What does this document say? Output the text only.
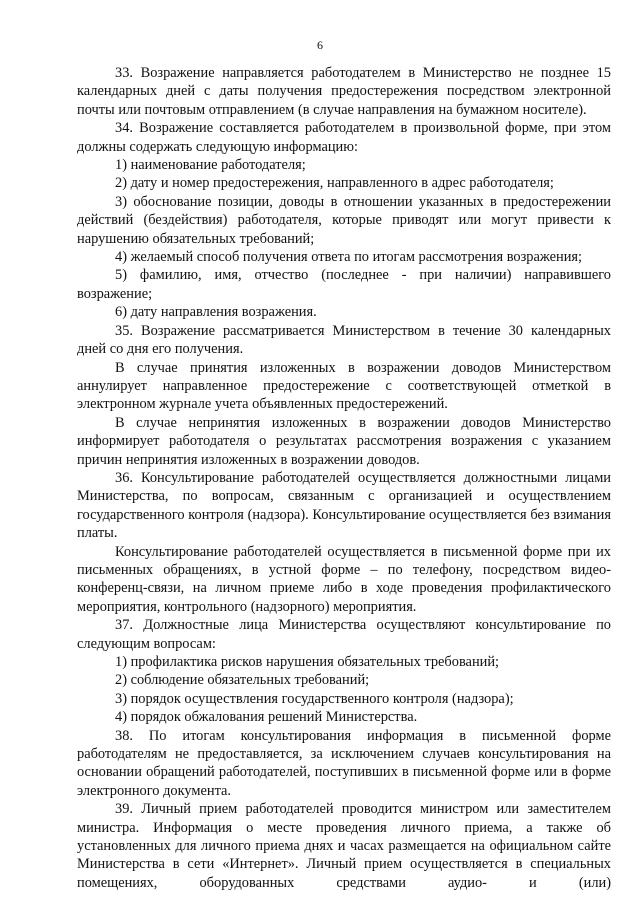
6

33. Возражение направляется работодателем в Министерство не позднее 15 календарных дней с даты получения предостережения посредством электронной почты или почтовым отправлением (в случае направления на бумажном носителе).

34. Возражение составляется работодателем в произвольной форме, при этом должны содержать следующую информацию:

1) наименование работодателя;

2) дату и номер предостережения, направленного в адрес работодателя;

3) обоснование позиции, доводы в отношении указанных в предостережении действий (бездействия) работодателя, которые приводят или могут привести к нарушению обязательных требований;

4) желаемый способ получения ответа по итогам рассмотрения возражения;

5) фамилию, имя, отчество (последнее - при наличии) направившего возражение;

6) дату направления возражения.

35. Возражение рассматривается Министерством в течение 30 календарных дней со дня его получения.

В случае принятия изложенных в возражении доводов Министерством аннулирует направленное предостережение с соответствующей отметкой в электронном журнале учета объявленных предостережений.

В случае непринятия изложенных в возражении доводов Министерство информирует работодателя о результатах рассмотрения возражения с указанием причин непринятия изложенных в возражении доводов.

36. Консультирование работодателей осуществляется должностными лицами Министерства, по вопросам, связанным с организацией и осуществлением государственного контроля (надзора). Консультирование осуществляется без взимания платы.

Консультирование работодателей осуществляется в письменной форме при их письменных обращениях, в устной форме – по телефону, посредством видео-конференц-связи, на личном приеме либо в ходе проведения профилактического мероприятия, контрольного (надзорного) мероприятия.

37. Должностные лица Министерства осуществляют консультирование по следующим вопросам:

1) профилактика рисков нарушения обязательных требований;

2) соблюдение обязательных требований;

3) порядок осуществления государственного контроля (надзора);

4) порядок обжалования решений Министерства.

38. По итогам консультирования информация в письменной форме работодателям не предоставляется, за исключением случаев консультирования на основании обращений работодателей, поступивших в письменной форме или в форме электронного документа.

39. Личный прием работодателей проводится министром или заместителем министра. Информация о месте проведения личного приема, а также об установленных для личного приема днях и часах размещается на официальном сайте Министерства в сети «Интернет». Личный прием осуществляется в специальных помещениях, оборудованных средствами аудио- и (или)
